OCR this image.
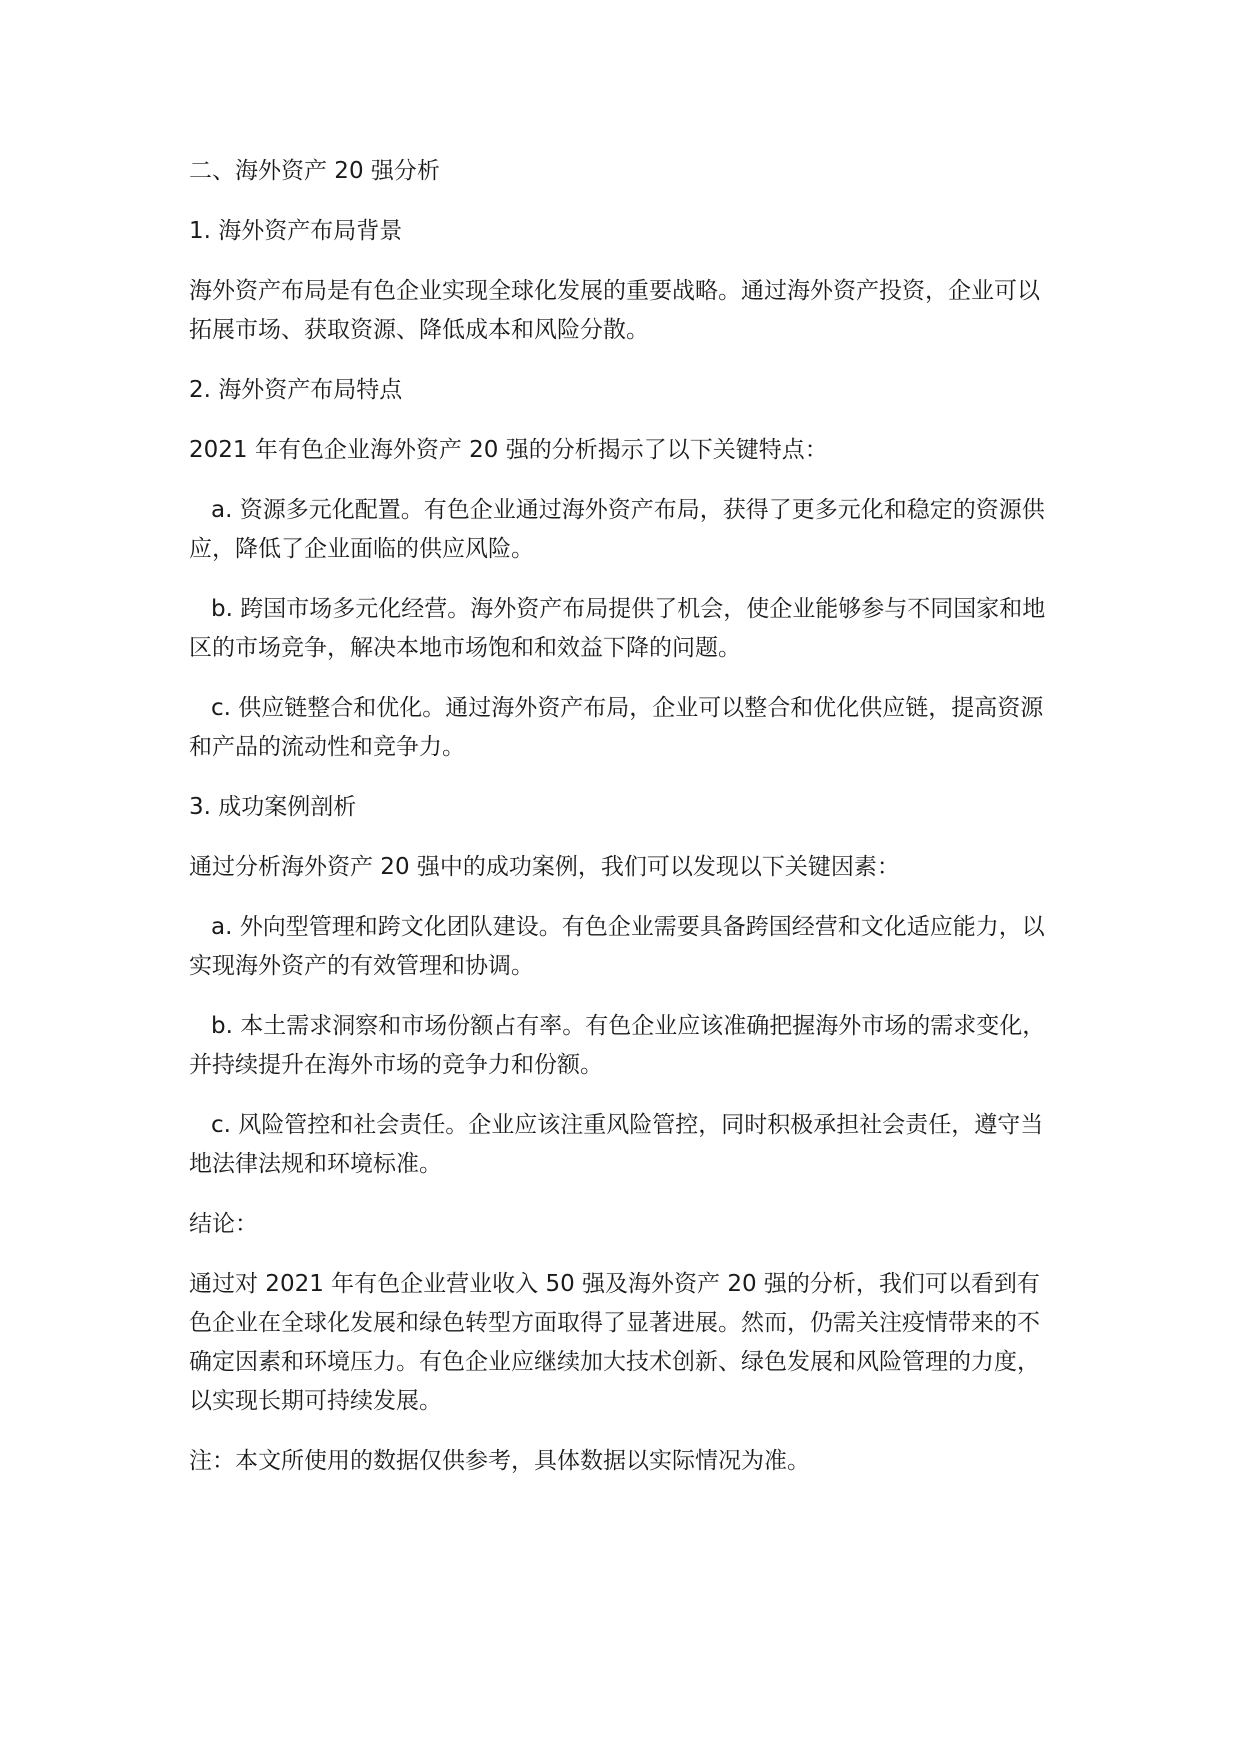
二、海外资产 20 强分析

1. 海外资产布局背景

海外资产布局是有色企业实现全球化发展的重要战略。通过海外资产投资，企业可以拓展市场、获取资源、降低成本和风险分散。

2. 海外资产布局特点

2021 年有色企业海外资产 20 强的分析揭示了以下关键特点：

a. 资源多元化配置。有色企业通过海外资产布局，获得了更多元化和稳定的资源供应，降低了企业面临的供应风险。

b. 跨国市场多元化经营。海外资产布局提供了机会，使企业能够参与不同国家和地区的市场竞争，解决本地市场饱和和效益下降的问题。

c. 供应链整合和优化。通过海外资产布局，企业可以整合和优化供应链，提高资源和产品的流动性和竞争力。

3. 成功案例剖析

通过分析海外资产 20 强中的成功案例，我们可以发现以下关键因素：

a. 外向型管理和跨文化团队建设。有色企业需要具备跨国经营和文化适应能力，以实现海外资产的有效管理和协调。

b. 本土需求洞察和市场份额占有率。有色企业应该准确把握海外市场的需求变化，并持续提升在海外市场的竞争力和份额。

c. 风险管控和社会责任。企业应该注重风险管控，同时积极承担社会责任，遵守当地法律法规和环境标准。

结论：

通过对 2021 年有色企业营业收入 50 强及海外资产 20 强的分析，我们可以看到有色企业在全球化发展和绿色转型方面取得了显著进展。然而，仍需关注疫情带来的不确定因素和环境压力。有色企业应继续加大技术创新、绿色发展和风险管理的力度，以实现长期可持续发展。

注：本文所使用的数据仅供参考，具体数据以实际情况为准。
